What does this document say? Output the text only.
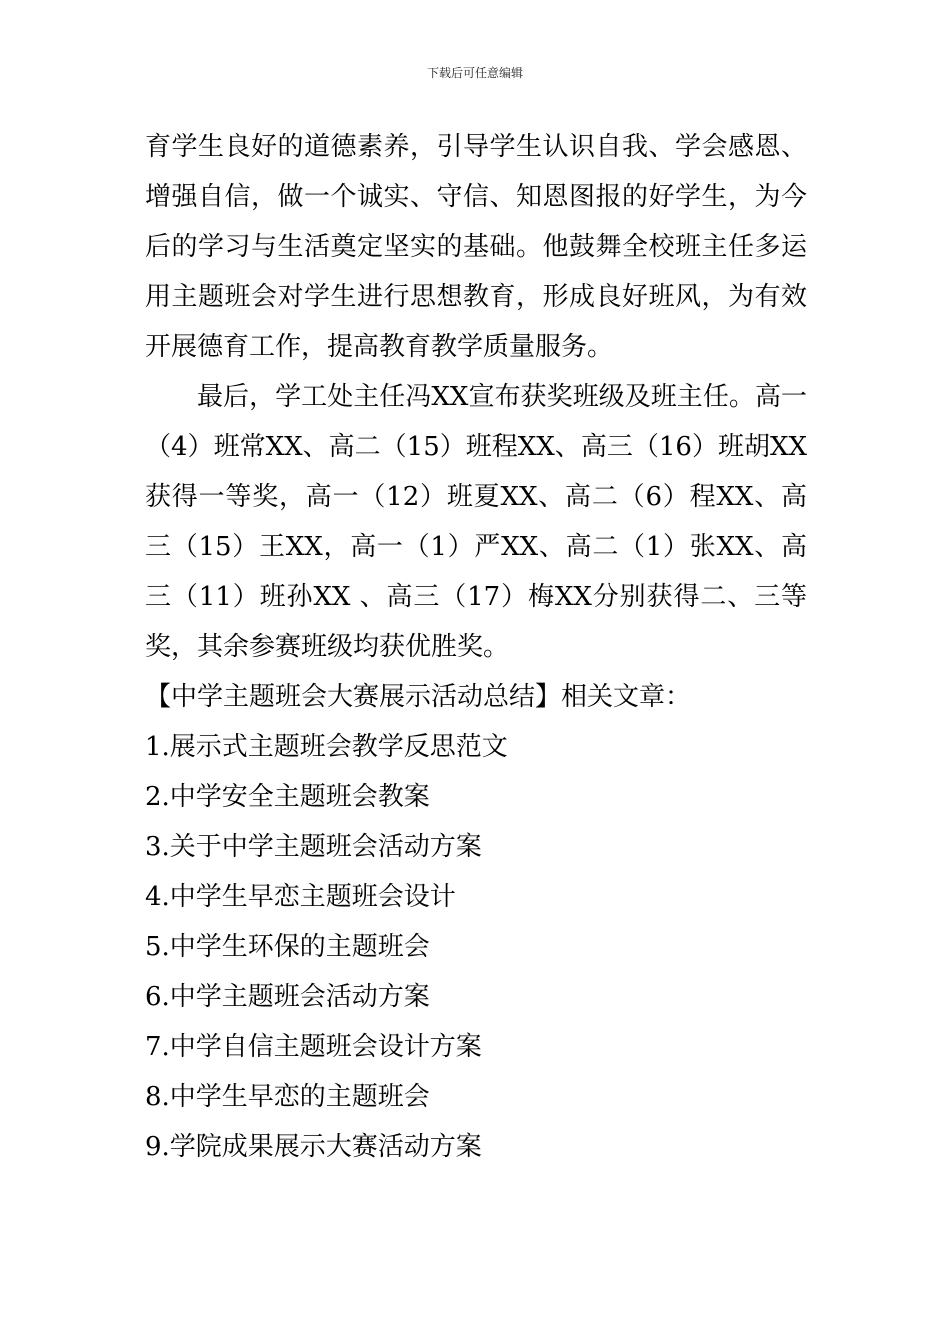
下载后可任意编辑

育学生良好的道德素养，引导学生认识自我、学会感恩、增强自信，做一个诚实、守信、知恩图报的好学生，为今后的学习与生活奠定坚实的基础。他鼓舞全校班主任多运用主题班会对学生进行思想教育，形成良好班风，为有效开展德育工作，提高教育教学质量服务。

最后，学工处主任冯XX宣布获奖班级及班主任。高一（4）班常XX、高二（15）班程XX、高三（16）班胡XX获得一等奖，高一（12）班夏XX、高二（6）程XX、高三（15）王XX，高一（1）严XX、高二（1）张XX、高三（11）班孙XX 、高三（17）梅XX分别获得二、三等奖，其余参赛班级均获优胜奖。

【中学主题班会大赛展示活动总结】相关文章：

1.展示式主题班会教学反思范文
2.中学安全主题班会教案
3.关于中学主题班会活动方案
4.中学生早恋主题班会设计
5.中学生环保的主题班会
6.中学主题班会活动方案
7.中学自信主题班会设计方案
8.中学生早恋的主题班会
9.学院成果展示大赛活动方案
